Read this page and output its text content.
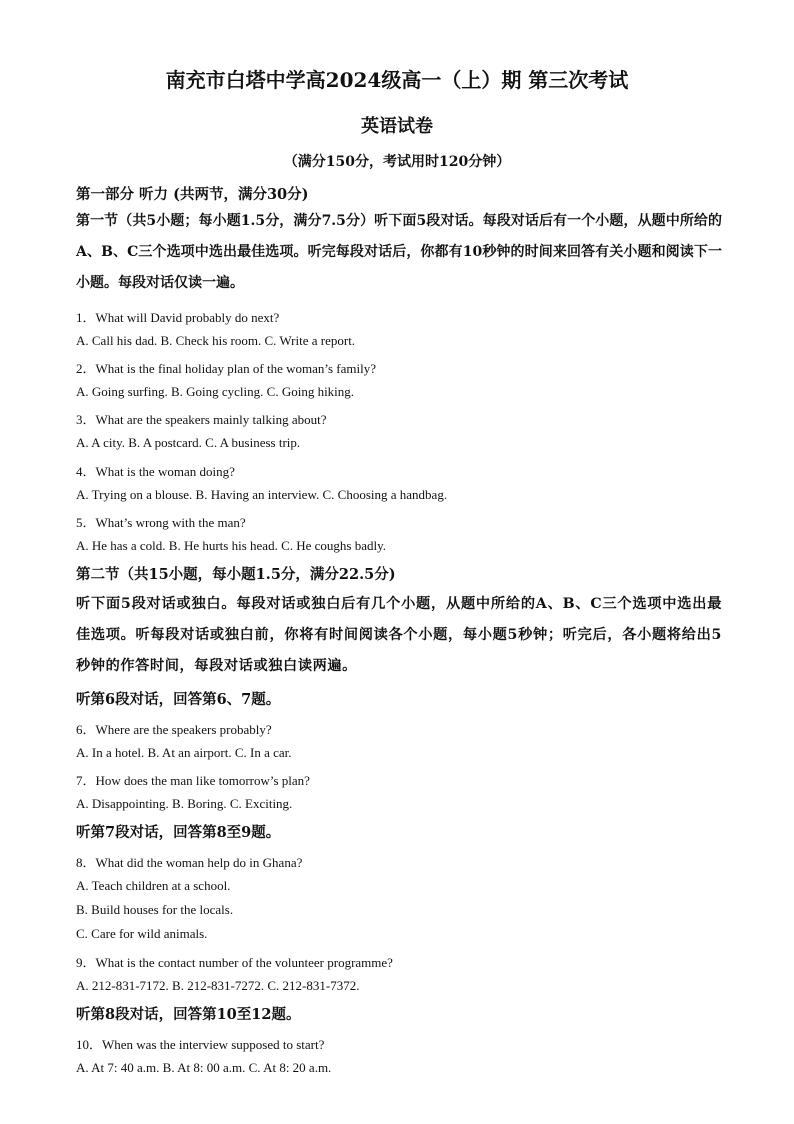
南充市白塔中学高2024级高一（上）期 第三次考试

英语试卷

（满分150分，考试用时120分钟）

第一部分 听力 (共两节，满分30分)

第一节（共5小题；每小题1.5分，满分7.5分）听下面5段对话。每段对话后有一个小题，从题中所给的A、B、C三个选项中选出最佳选项。听完每段对话后，你都有10秒钟的时间来回答有关小题和阅读下一小题。每段对话仅读一遍。

1．What will David probably do next?

A. Call his dad. B. Check his room. C. Write a report.

2．What is the final holiday plan of the woman’s family?

A. Going surfing. B. Going cycling. C. Going hiking.

3．What are the speakers mainly talking about?

A. A city. B. A postcard. C. A business trip.

4．What is the woman doing?

A. Trying on a blouse. B. Having an interview. C. Choosing a handbag.

5．What’s wrong with the man?

A. He has a cold. B. He hurts his head. C. He coughs badly.

第二节（共15小题，每小题1.5分，满分22.5分)

听下面5段对话或独白。每段对话或独白后有几个小题，从题中所给的A、B、C三个选项中选出最佳选项。听每段对话或独白前，你将有时间阅读各个小题，每小题5秒钟；听完后，各小题将给出5秒钟的作答时间，每段对话或独白读两遍。

听第6段对话，回答第6、7题。

6．Where are the speakers probably?

A. In a hotel. B. At an airport. C. In a car.

7．How does the man like tomorrow’s plan?

A. Disappointing. B. Boring. C. Exciting.

听第7段对话，回答第8至9题。

8．What did the woman help do in Ghana?

A. Teach children at a school.

B. Build houses for the locals.

C. Care for wild animals.

9．What is the contact number of the volunteer programme?

A. 212-831-7172. B. 212-831-7272. C. 212-831-7372.

听第8段对话，回答第10至12题。

10．When was the interview supposed to start?

A. At 7: 40 a.m. B. At 8: 00 a.m. C. At 8: 20 a.m.
